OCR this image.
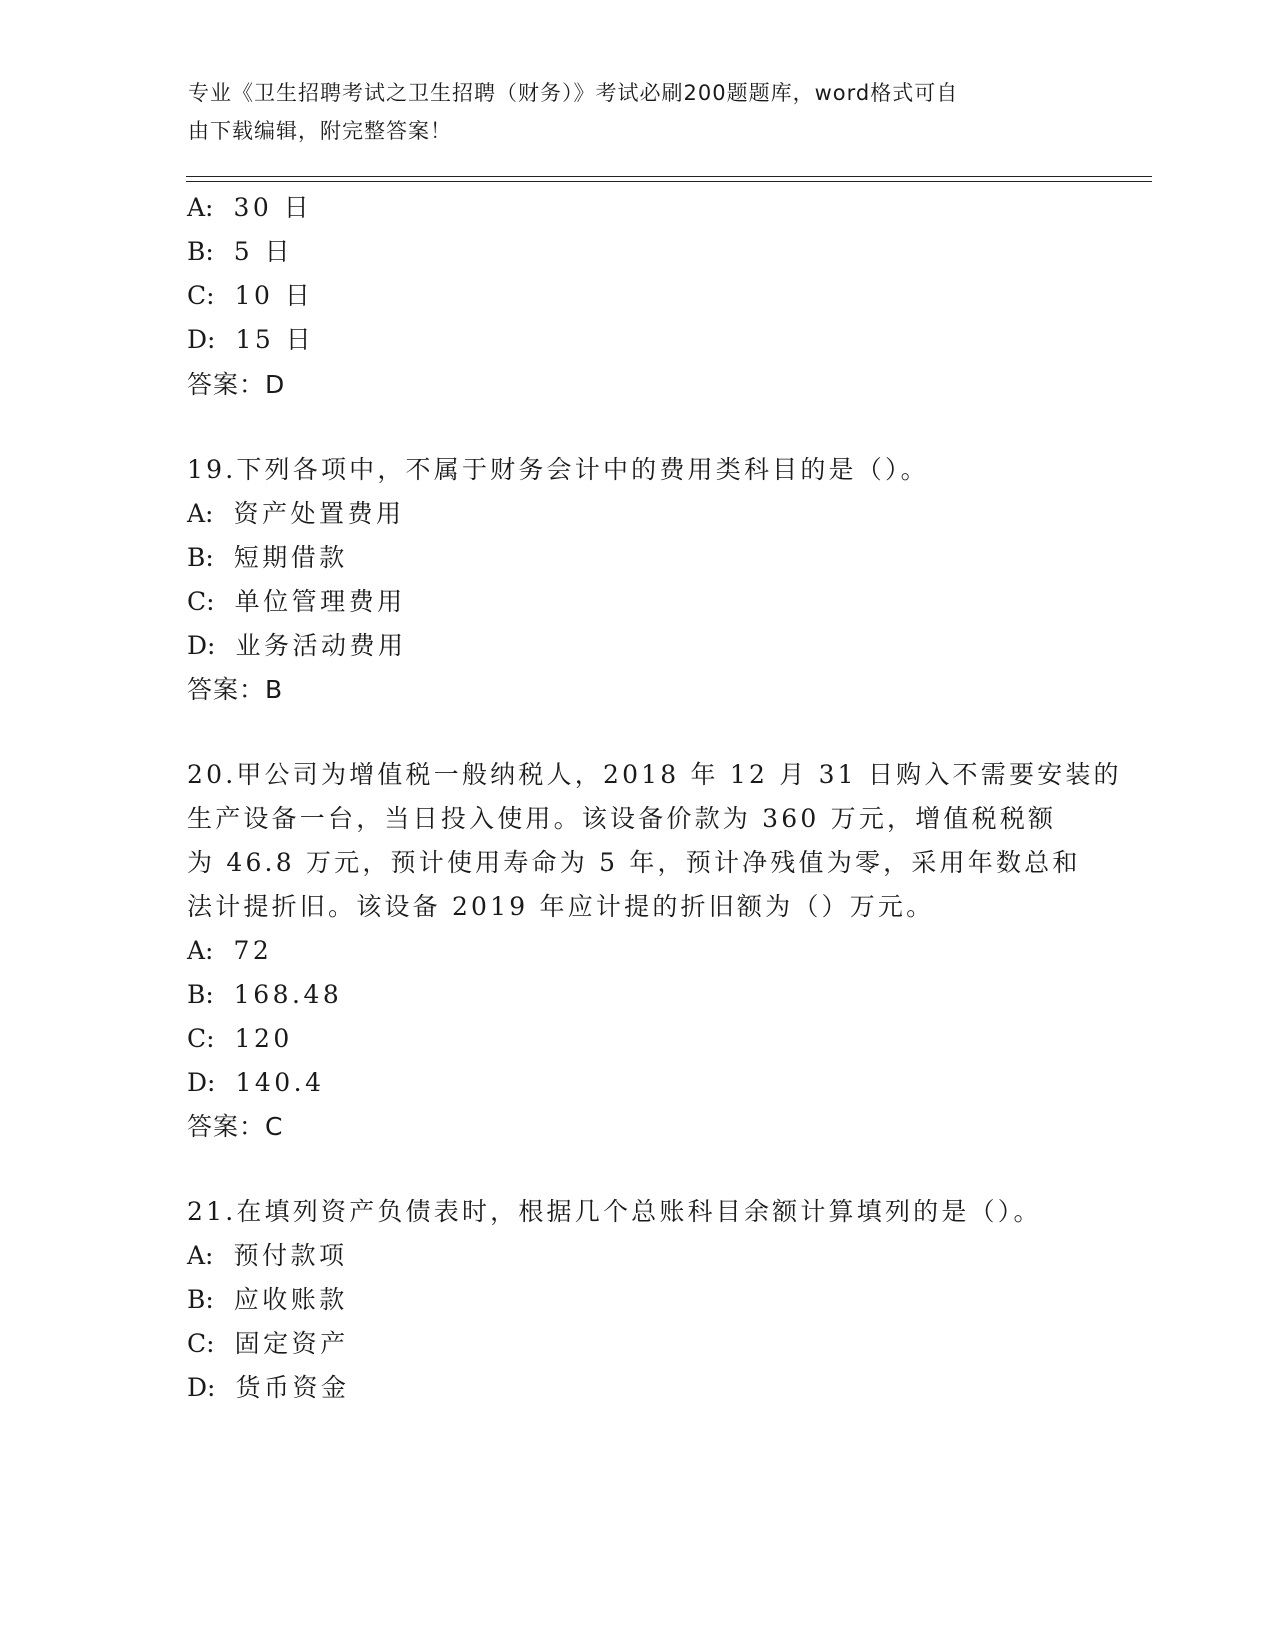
专业《卫生招聘考试之卫生招聘（财务）》考试必刷200题题库，word格式可自
由下载编辑，附完整答案！
A: 30 日
B: 5 日
C: 10 日
D: 15 日
答案：D
19.下列各项中，不属于财务会计中的费用类科目的是（）。
A: 资产处置费用
B: 短期借款
C: 单位管理费用
D: 业务活动费用
答案：B
20.甲公司为增值税一般纳税人，2018 年 12 月 31 日购入不需要安装的
生产设备一台，当日投入使用。该设备价款为 360 万元，增值税税额
为 46.8 万元，预计使用寿命为 5 年，预计净残值为零，采用年数总和
法计提折旧。该设备 2019 年应计提的折旧额为（）万元。
A: 72
B: 168.48
C: 120
D: 140.4
答案：C
21.在填列资产负债表时，根据几个总账科目余额计算填列的是（）。
A: 预付款项
B: 应收账款
C: 固定资产
D: 货币资金
